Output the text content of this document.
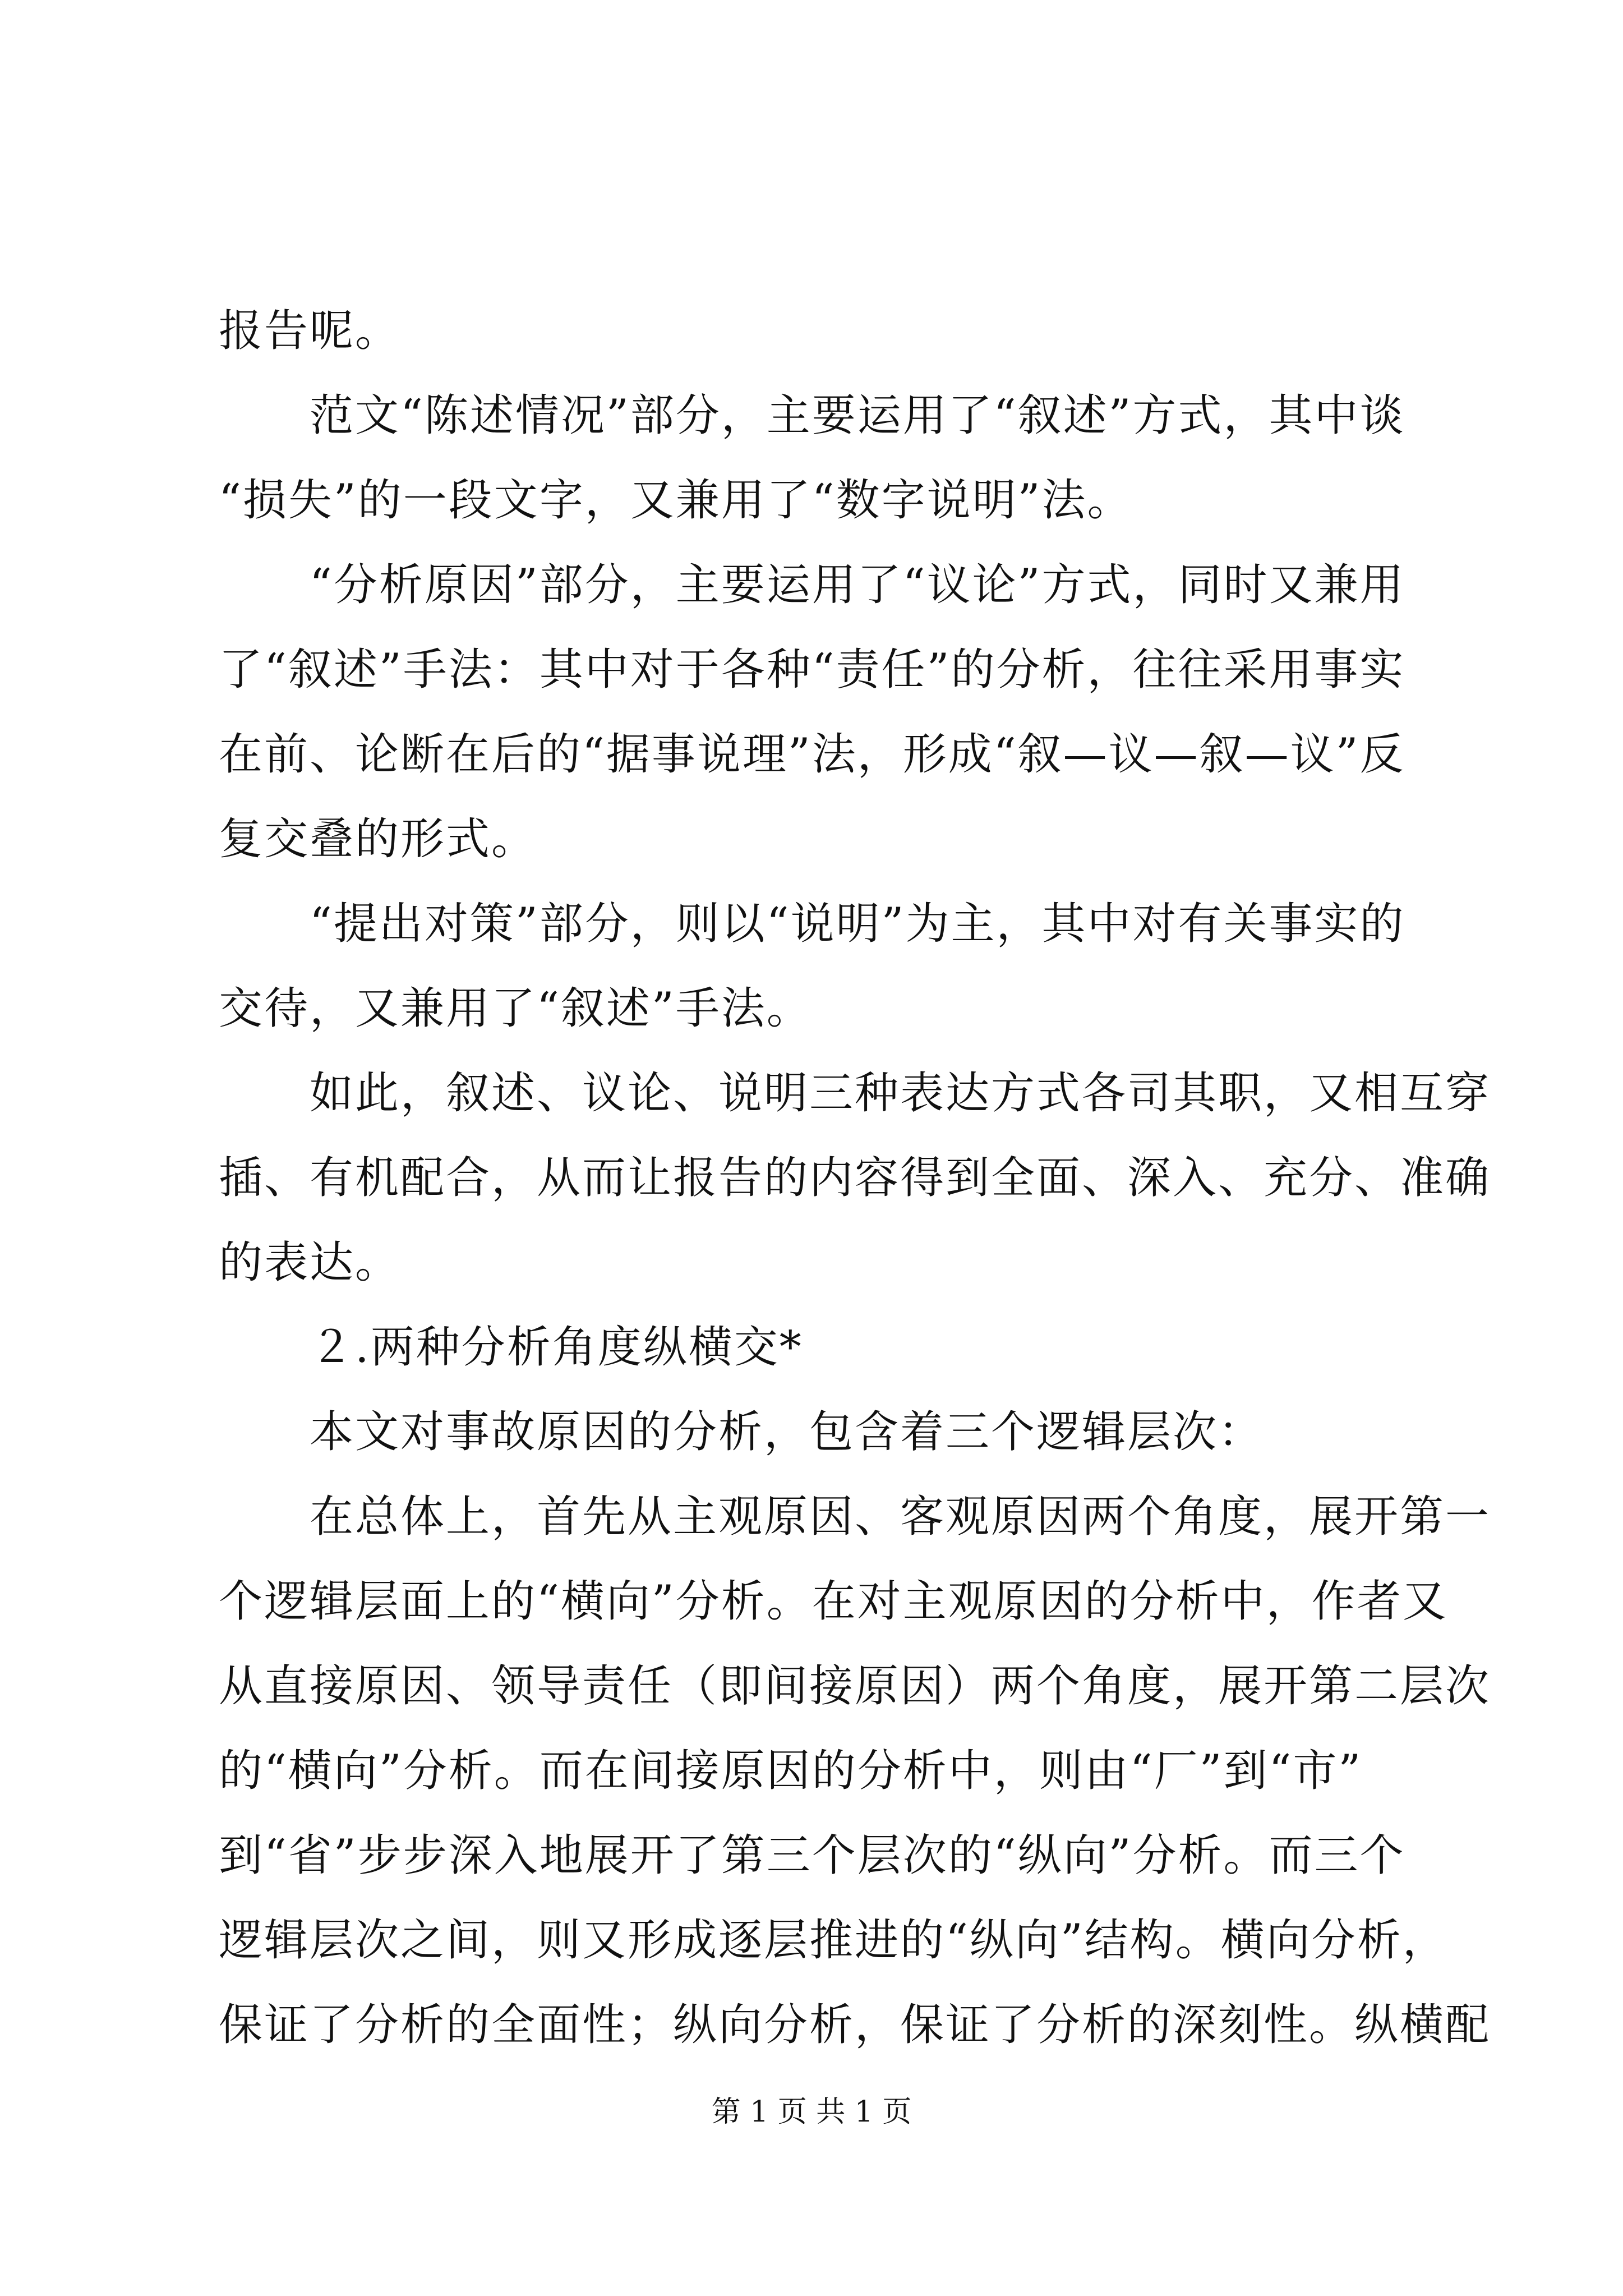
报告呢。
　　范文“陈述情况”部分，主要运用了“叙述”方式，其中谈
“损失”的一段文字，又兼用了“数字说明”法。
　　“分析原因”部分，主要运用了“议论”方式，同时又兼用
了“叙述”手法：其中对于各种“责任”的分析，往往采用事实
在前、论断在后的“据事说理”法，形成“叙—议—叙—议”反
复交叠的形式。
　　“提出对策”部分，则以“说明”为主，其中对有关事实的
交待，又兼用了“叙述”手法。
　　如此，叙述、议论、说明三种表达方式各司其职，又相互穿
插、有机配合，从而让报告的内容得到全面、深入、充分、准确
的表达。
　　２.两种分析角度纵横交*
　　本文对事故原因的分析，包含着三个逻辑层次：
　　在总体上，首先从主观原因、客观原因两个角度，展开第一
个逻辑层面上的“横向”分析。在对主观原因的分析中，作者又
从直接原因、领导责任（即间接原因）两个角度，展开第二层次
的“横向”分析。而在间接原因的分析中，则由“厂”到“市”
到“省”步步深入地展开了第三个层次的“纵向”分析。而三个
逻辑层次之间，则又形成逐层推进的“纵向”结构。横向分析，
保证了分析的全面性；纵向分析，保证了分析的深刻性。纵横配
第 1 页 共 1 页
